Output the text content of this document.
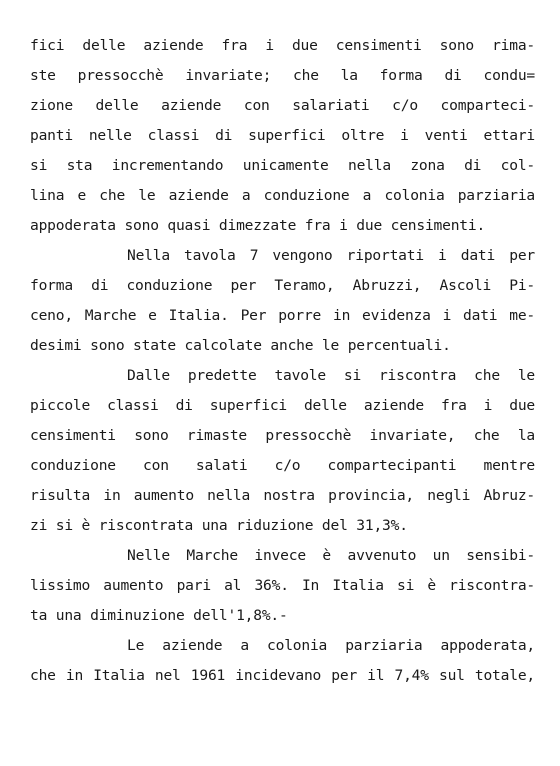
fici delle aziende fra i due censimenti sono rima-

ste pressocchè invariate; che la forma di condu=

zione delle aziende con salariati c/o comparteci-

panti nelle classi di superfici oltre i venti ettari

si sta incrementando unicamente nella zona di col-

lina e che le aziende a conduzione a colonia parziaria

appoderata sono quasi dimezzate fra i due censimenti.

Nella tavola 7 vengono riportati i dati per

forma di conduzione per Teramo, Abruzzi, Ascoli Pi-

ceno, Marche e Italia. Per porre in evidenza i dati me-

desimi sono state calcolate anche le percentuali.

Dalle predette tavole si riscontra che le

piccole classi di superfici delle aziende fra i due

censimenti sono rimaste pressocchè invariate, che la

conduzione con salati c/o compartecipanti mentre

risulta in aumento nella nostra provincia, negli Abruz-

zi si è riscontrata una riduzione del 31,3%.

Nelle Marche invece è avvenuto un sensibi-

lissimo aumento pari al 36%. In Italia si è riscontra-

ta una diminuzione dell'1,8%.-

Le aziende a colonia parziaria appoderata,

che in Italia nel 1961 incidevano per il 7,4% sul totale,
